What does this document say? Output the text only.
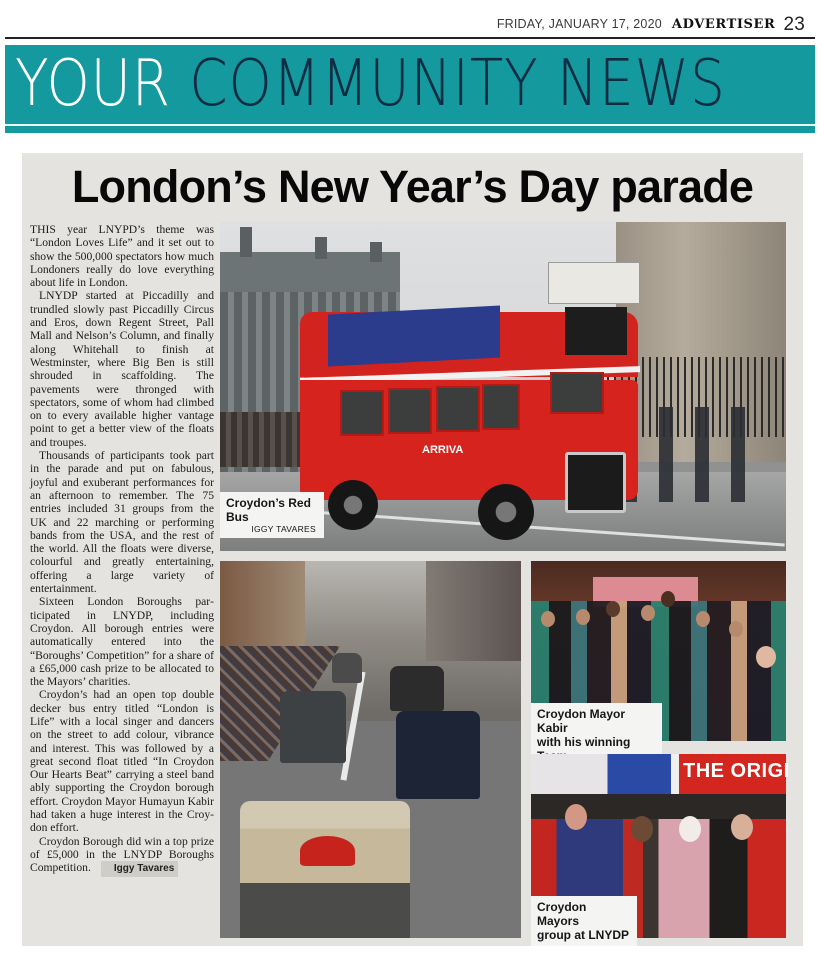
FRIDAY, JANUARY 17, 2020 ADVERTISER 23
YOUR COMMUNITY NEWS
London’s New Year’s Day parade

THIS year LNYPD’s theme was “London Loves Life” and it set out to show the 500,000 spectators how much Londoners really do love everything about life in London.

LNYDP started at Piccadilly and trundled slowly past Piccadilly Circus and Eros, down Regent Street, Pall Mall and Nelson’s Column, and finally along Whitehall to finish at Westminster, where Big Ben is still shrouded in scaffolding. The pavements were thronged with spectators, some of whom had climbed on to every available higher vantage point to get a better view of the floats and troupes.

Thousands of participants took part in the parade and put on fabulous, joyful and exuberant performances for an afternoon to remember. The 75 entries included 31 groups from the UK and 22 marching or performing bands from the USA, and the rest of the world. All the floats were diverse, colourful and greatly entertaining, offering a large variety of entertainment.

Sixteen London Boroughs participated in LNYDP, including Croydon. All borough entries were automatically entered into the “Boroughs’ Competition” for a share of a £65,000 cash prize to be allocated to the Mayors’ charities.

Croydon’s had an open top double decker bus entry titled “London is Life” with a local singer and dancers on the street to add colour, vibrance and interest. This was followed by a great second float titled “In Croydon Our Hearts Beat” carrying a steel band ably supporting the Croydon borough effort. Croydon Mayor Humayun Kabir had taken a huge interest in the Croydon effort.

Croydon Borough did win a top prize of £5,000 in the LNYDP Boroughs Competition. Iggy Tavares

ARRIVA
Croydon’s Red Bus
IGGY TAVARES
Croydon Mayor Kabir
with his winning
THE ORIGI
Croydon Mayors
group at LNYDP
